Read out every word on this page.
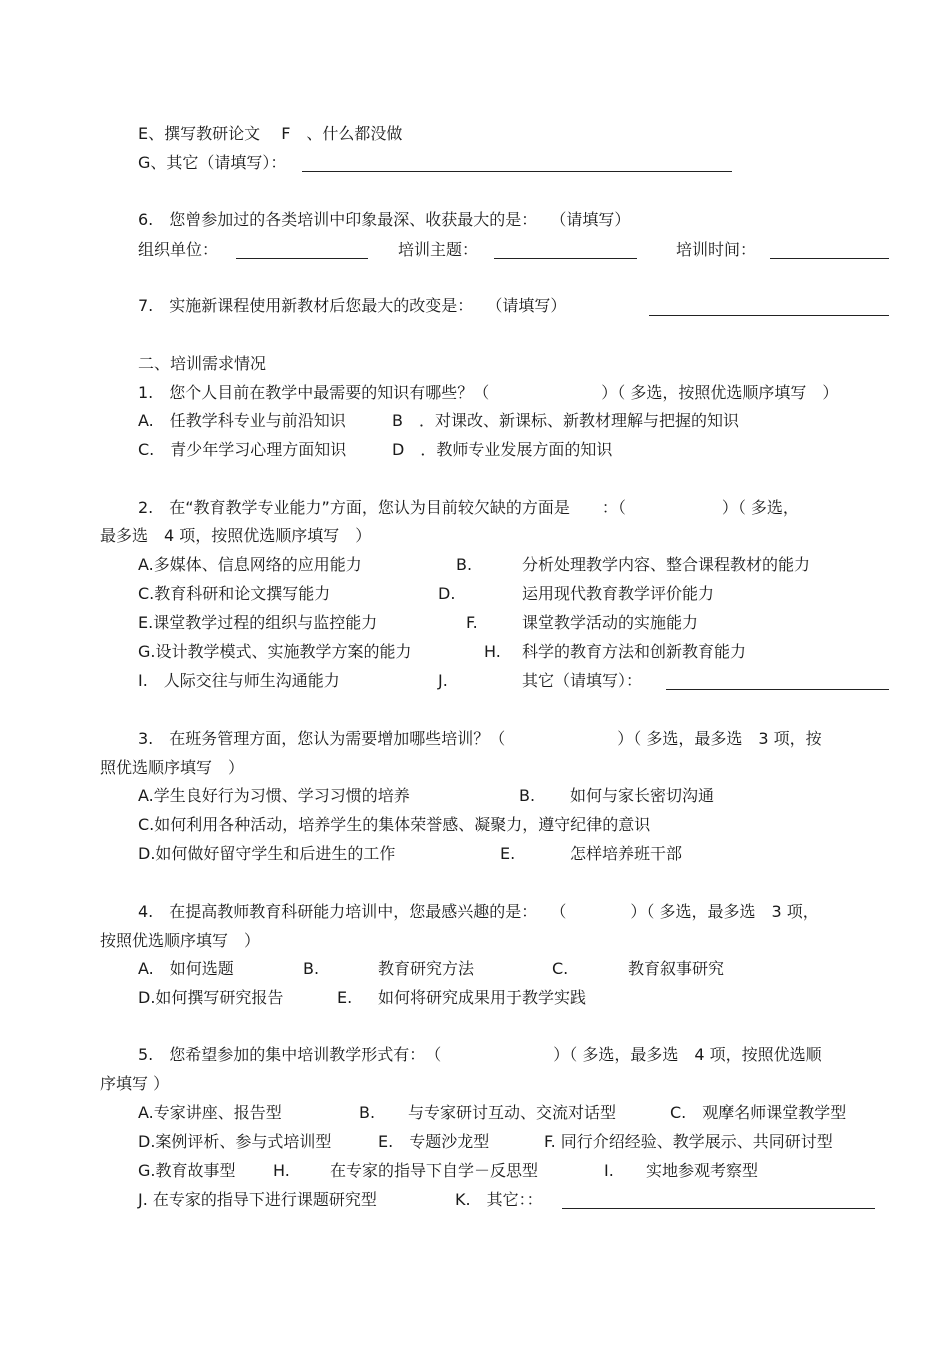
E、撰写教研论文　 F　、什么都没做
G、其它（请填写）：
6.　您曾参加过的各类培训中印象最深、收获最大的是：　 （请填写）
组织单位：	培训主题：	培训时间：
7.　实施新课程使用新教材后您最大的改变是：　 （请填写）
二、培训需求情况
1.　您个人目前在教学中最需要的知识有哪些？（　　　　　　　）（ 多选，按照优选顺序填写　）
A.　任教学科专业与前沿知识	B　．对课改、新课标、新教材理解与把握的知识
C.　青少年学习心理方面知识	D　．教师专业发展方面的知识
2.　在“教育教学专业能力”方面，您认为目前较欠缺的方面是　　：（　　　　　　）（ 多选，
最多选　4 项，按照优选顺序填写　）
A.多媒体、信息网络的应用能力	B.	分析处理教学内容、整合课程教材的能力
C.教育科研和论文撰写能力	D.	运用现代教育教学评价能力
E.课堂教学过程的组织与监控能力	F.	课堂教学活动的实施能力
G.设计教学模式、实施教学方案的能力	H. 科学的教育方法和创新教育能力
I.　人际交往与师生沟通能力	J.	其它（请填写）：
3.　在班务管理方面，您认为需要增加哪些培训？（　　　　　　　）（ 多选，最多选　3 项，按
照优选顺序填写　）
A.学生良好行为习惯、学习习惯的培养	B. 如何与家长密切沟通
C.如何利用各种活动，培养学生的集体荣誉感、凝聚力，遵守纪律的意识
D.如何做好留守学生和后进生的工作	E.	怎样培养班干部
4.　在提高教师教育科研能力培训中，您最感兴趣的是：　 （　　　　）（ 多选，最多选　3 项，
按照优选顺序填写　）
A.　如何选题	B.	教育研究方法	C.	教育叙事研究
D.如何撰写研究报告	E. 如何将研究成果用于教学实践
5.　您希望参加的集中培训教学形式有：　（　　　　　　　）（ 多选，最多选　4 项，按照优选顺
序填写 ）
A.专家讲座、报告型	B. 与专家研讨互动、交流对话型	C.　观摩名师课堂教学型
D.案例评析、参与式培训型	E.　专题沙龙型	F. 同行介绍经验、教学展示、共同研讨型
G.教育故事型 H.	在专家的指导下自学－反思型	I. 实地参观考察型
J. 在专家的指导下进行课题研究型	K.　其它：：
